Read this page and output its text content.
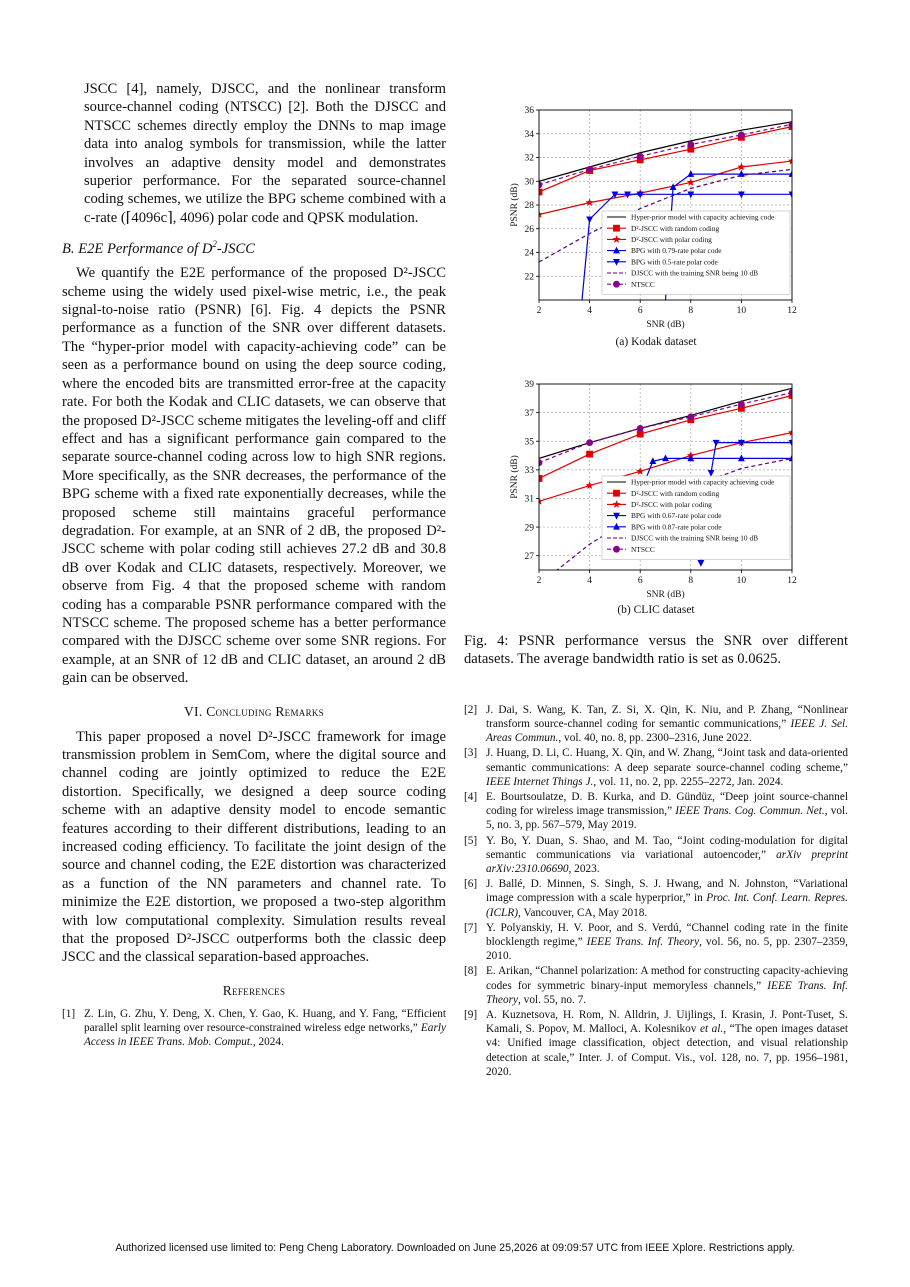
JSCC [4], namely, DJSCC, and the nonlinear transform source-channel coding (NTSCC) [2]. Both the DJSCC and NTSCC schemes directly employ the DNNs to map image data into analog symbols for transmission, while the latter involves an adaptive density model and demonstrates superior performance. For the separated source-channel coding schemes, we utilize the BPG scheme combined with a c-rate (⌈4096c⌉, 4096) polar code and QPSK modulation.

B. E2E Performance of $D^2$-JSCC

We quantify the E2E performance of the proposed D²-JSCC scheme using the widely used pixel-wise metric, i.e., the peak signal-to-noise ratio (PSNR) [6]. Fig. 4 depicts the PSNR performance as a function of the SNR over different datasets. The “hyper-prior model with capacity-achieving code” can be seen as a performance bound on using the deep source coding, where the encoded bits are transmitted error-free at the capacity rate. For both the Kodak and CLIC datasets, we can observe that the proposed D²-JSCC scheme mitigates the leveling-off and cliff effect and has a significant performance gain compared to the separate source-channel coding across low to high SNR regions. More specifically, as the SNR decreases, the performance of the BPG scheme with a fixed rate exponentially decreases, while the proposed scheme still maintains graceful performance degradation. For example, at an SNR of 2 dB, the proposed D²-JSCC scheme with polar coding still achieves 27.2 dB and 30.8 dB over Kodak and CLIC datasets, respectively. Moreover, we observe from Fig. 4 that the proposed scheme with random coding has a comparable PSNR performance compared with the NTSCC scheme. The proposed scheme has a better performance compared with the DJSCC scheme over some SNR regions. For example, at an SNR of 12 dB and CLIC dataset, an around 2 dB gain can be observed.

VI. Concluding Remarks

This paper proposed a novel D²-JSCC framework for image transmission problem in SemCom, where the digital source and channel coding are jointly optimized to reduce the E2E distortion. Specifically, we designed a deep source coding scheme with an adaptive density model to encode semantic features according to their different distributions, leading to an increased coding efficiency. To facilitate the joint design of the source and channel coding, the E2E distortion was characterized as a function of the NN parameters and channel rate. To minimize the E2E distortion, we proposed a two-step algorithm with low computational complexity. Simulation results reveal that the proposed D²-JSCC outperforms both the classic deep JSCC and the classical separation-based approaches.

References
[1] Z. Lin, G. Zhu, Y. Deng, X. Chen, Y. Gao, K. Huang, and Y. Fang, “Efficient parallel split learning over resource-constrained wireless edge networks,” Early Access in IEEE Trans. Mob. Comput., 2024.
2	4	6	8	10	12
22
24
26
28
30
32
34
36
SNR (dB)
PSNR (dB)	Hyper-prior model with capacity achieving code
D²-JSCC with random coding
D²-JSCC with polar coding
BPG with 0.79-rate polar code
BPG with 0.5-rate polar code
DJSCC with the training SNR being 10 dB
NTSCC
(a) Kodak dataset
2	4	6	8	10	12
27
29
31
33
35
37
39
SNR (dB)
PSNR (dB)	Hyper-prior model with capacity achieving code
D²-JSCC with random coding
D²-JSCC with polar coding
BPG with 0.67-rate polar code
BPG with 0.87-rate polar code
DJSCC with the training SNR being 10 dB
NTSCC
(b) CLIC dataset

Fig. 4: PSNR performance versus the SNR over different datasets. The average bandwidth ratio is set as 0.0625.

[2] J. Dai, S. Wang, K. Tan, Z. Si, X. Qin, K. Niu, and P. Zhang, “Nonlinear transform source-channel coding for semantic communications,” IEEE J. Sel. Areas Commun., vol. 40, no. 8, pp. 2300–2316, June 2022.
[3] J. Huang, D. Li, C. Huang, X. Qin, and W. Zhang, “Joint task and data-oriented semantic communications: A deep separate source-channel coding scheme,” IEEE Internet Things J., vol. 11, no. 2, pp. 2255–2272, Jan. 2024.
[4] E. Bourtsoulatze, D. B. Kurka, and D. Gündüz, “Deep joint source-channel coding for wireless image transmission,” IEEE Trans. Cog. Commun. Net., vol. 5, no. 3, pp. 567–579, May 2019.
[5] Y. Bo, Y. Duan, S. Shao, and M. Tao, “Joint coding-modulation for digital semantic communications via variational autoencoder,” arXiv preprint arXiv:2310.06690, 2023.
[6] J. Ballé, D. Minnen, S. Singh, S. J. Hwang, and N. Johnston, “Variational image compression with a scale hyperprior,” in Proc. Int. Conf. Learn. Repres. (ICLR), Vancouver, CA, May 2018.
[7] Y. Polyanskiy, H. V. Poor, and S. Verdú, “Channel coding rate in the finite blocklength regime,” IEEE Trans. Inf. Theory, vol. 56, no. 5, pp. 2307–2359, 2010.
[8] E. Arikan, “Channel polarization: A method for constructing capacity-achieving codes for symmetric binary-input memoryless channels,” IEEE Trans. Inf. Theory, vol. 55, no. 7.
[9] A. Kuznetsova, H. Rom, N. Alldrin, J. Uijlings, I. Krasin, J. Pont-Tuset, S. Kamali, S. Popov, M. Malloci, A. Kolesnikov et al., “The open images dataset v4: Unified image classification, object detection, and visual relationship detection at scale,” Inter. J. of Comput. Vis., vol. 128, no. 7, pp. 1956–1981, 2020.
Authorized licensed use limited to: Peng Cheng Laboratory. Downloaded on June 25,2026 at 09:09:57 UTC from IEEE Xplore. Restrictions apply.
